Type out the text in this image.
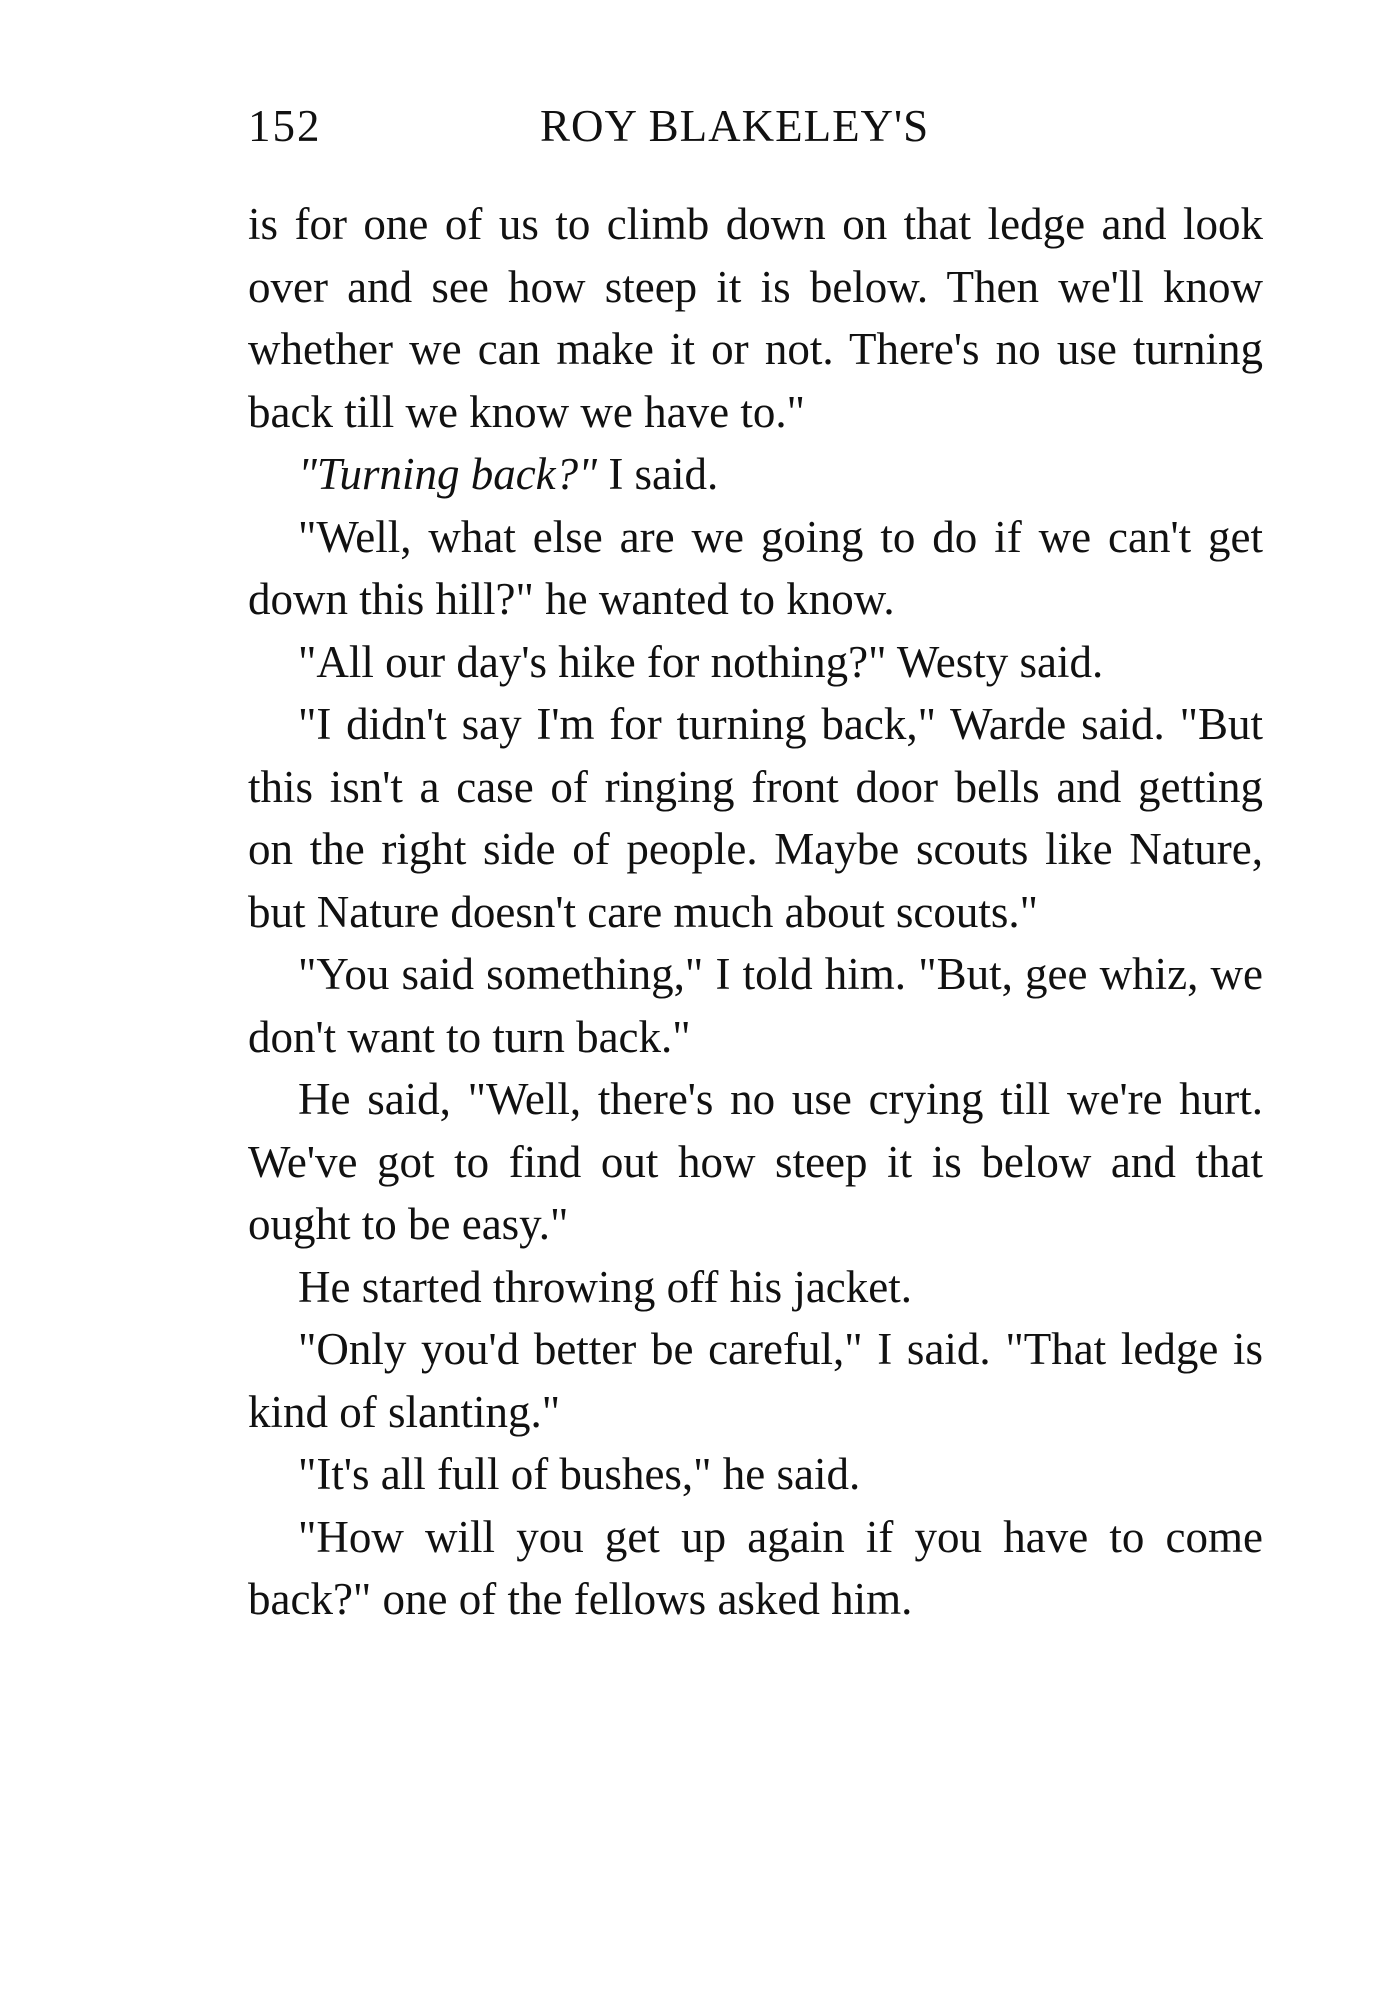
152	ROY BLAKELEY'S

is for one of us to climb down on that ledge and look over and see how steep it is below. Then we'll know whether we can make it or not. There's no use turning back till we know we have to."

"Turning back?" I said.

"Well, what else are we going to do if we can't get down this hill?" he wanted to know.

"All our day's hike for nothing?" Westy said.

"I didn't say I'm for turning back," Warde said. "But this isn't a case of ringing front door bells and getting on the right side of people. Maybe scouts like Nature, but Nature doesn't care much about scouts."

"You said something," I told him. "But, gee whiz, we don't want to turn back."

He said, "Well, there's no use crying till we're hurt. We've got to find out how steep it is below and that ought to be easy."

He started throwing off his jacket.

"Only you'd better be careful," I said. "That ledge is kind of slanting."

"It's all full of bushes," he said.

"How will you get up again if you have to come back?" one of the fellows asked him.
